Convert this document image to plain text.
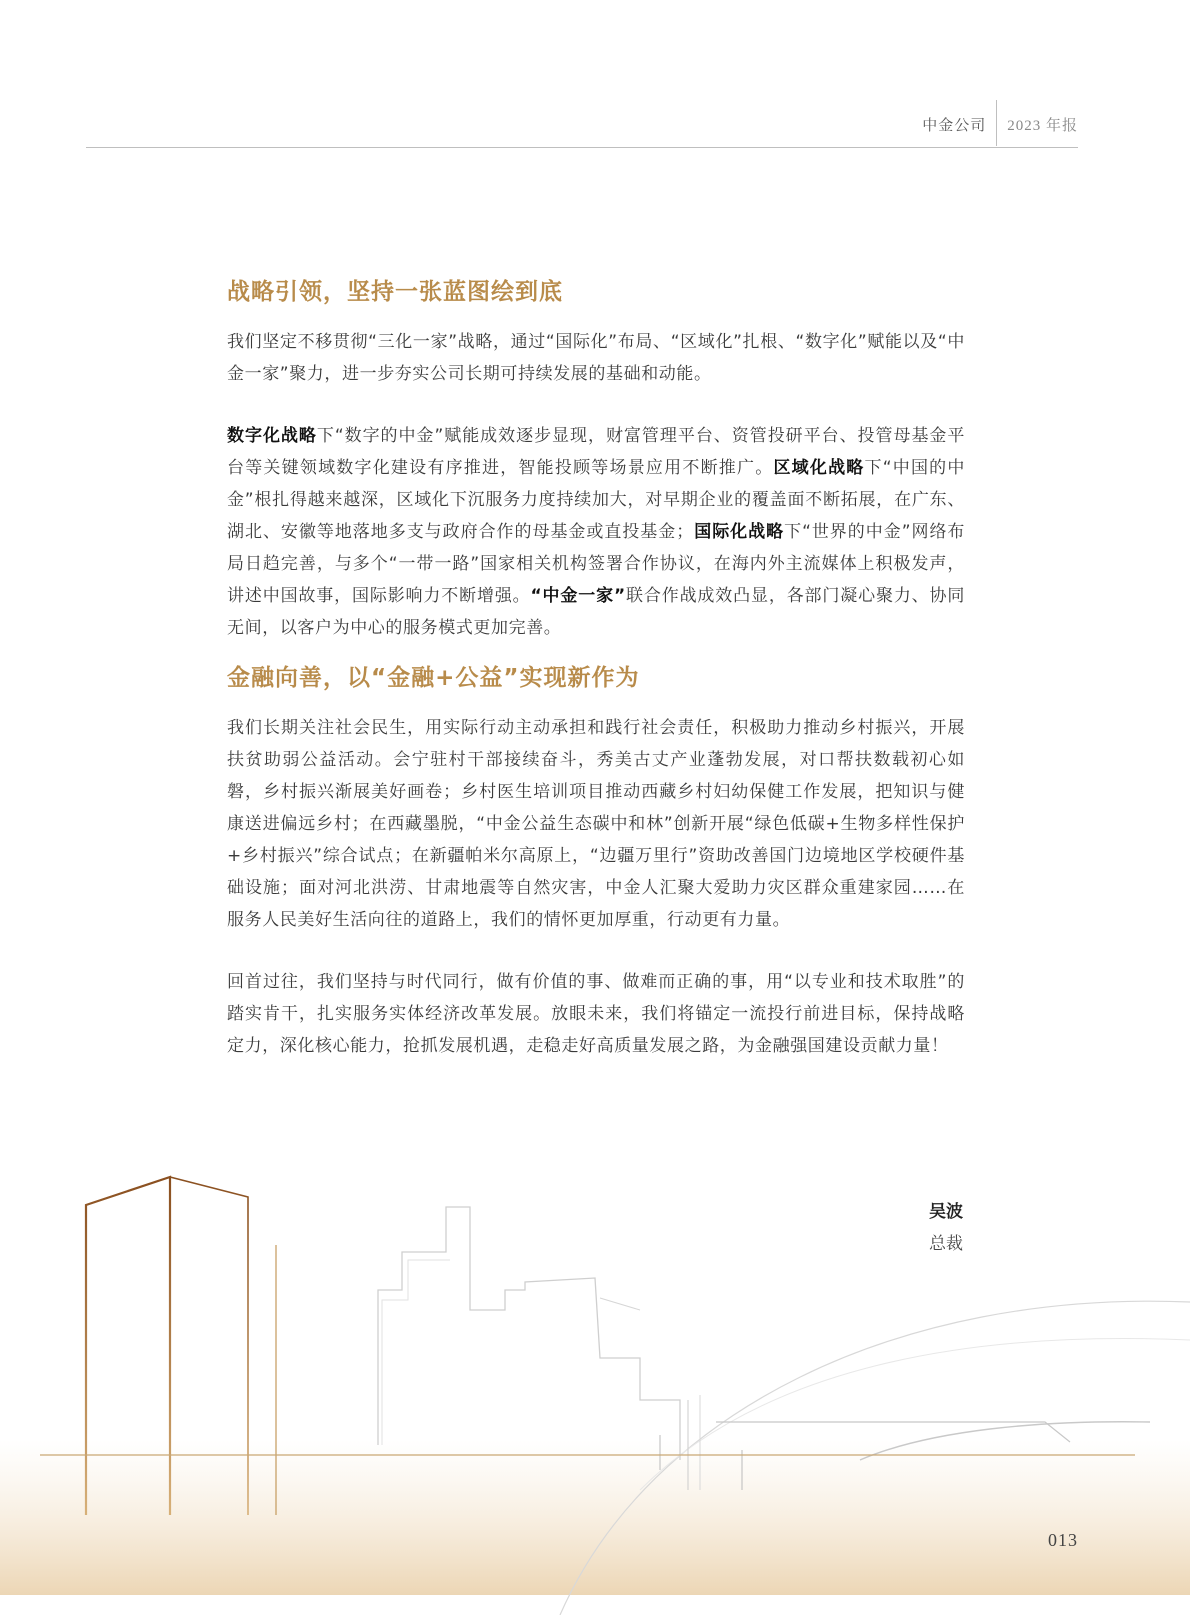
中金公司	2023 年报
战略引领，坚持一张蓝图绘到底

我们坚定不移贯彻“三化一家”战略，通过“国际化”布局、“区域化”扎根、“数字化”赋能以及“中金一家”聚力，进一步夯实公司长期可持续发展的基础和动能。

数字化战略下“数字的中金”赋能成效逐步显现，财富管理平台、资管投研平台、投管母基金平台等关键领域数字化建设有序推进，智能投顾等场景应用不断推广。区域化战略下“中国的中金”根扎得越来越深，区域化下沉服务力度持续加大，对早期企业的覆盖面不断拓展，在广东、湖北、安徽等地落地多支与政府合作的母基金或直投基金；国际化战略下“世界的中金”网络布局日趋完善，与多个“一带一路”国家相关机构签署合作协议，在海内外主流媒体上积极发声，讲述中国故事，国际影响力不断增强。“中金一家”联合作战成效凸显，各部门凝心聚力、协同无间，以客户为中心的服务模式更加完善。

金融向善，以“金融+公益”实现新作为

我们长期关注社会民生，用实际行动主动承担和践行社会责任，积极助力推动乡村振兴，开展扶贫助弱公益活动。会宁驻村干部接续奋斗，秀美古丈产业蓬勃发展，对口帮扶数载初心如磐，乡村振兴渐展美好画卷；乡村医生培训项目推动西藏乡村妇幼保健工作发展，把知识与健康送进偏远乡村；在西藏墨脱，“中金公益生态碳中和林”创新开展“绿色低碳+生物多样性保护+乡村振兴”综合试点；在新疆帕米尔高原上，“边疆万里行”资助改善国门边境地区学校硬件基础设施；面对河北洪涝、甘肃地震等自然灾害，中金人汇聚大爱助力灾区群众重建家园……在服务人民美好生活向往的道路上，我们的情怀更加厚重，行动更有力量。

回首过往，我们坚持与时代同行，做有价值的事、做难而正确的事，用“以专业和技术取胜”的踏实肯干，扎实服务实体经济改革发展。放眼未来，我们将锚定一流投行前进目标，保持战略定力，深化核心能力，抢抓发展机遇，走稳走好高质量发展之路，为金融强国建设贡献力量！

吴波
总裁
013
